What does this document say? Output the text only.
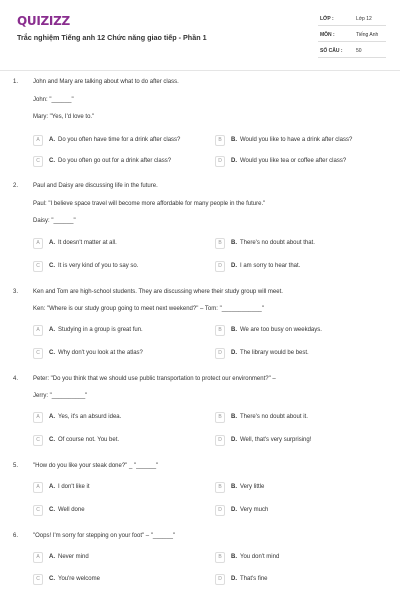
QUIZIZZ
Trắc nghiệm Tiếng anh 12 Chức năng giao tiếp - Phần 1
LỚP :	Lớp 12
MÔN :	Tiếng Anh
SỐ CÂU :	50
1. John and Mary are talking about what to do after class.
John: "______"
Mary: "Yes, I'd love to."
A	A. Do you often have time for a drink after class?	B	B. Would you like to have a drink after class?
C	C. Do you often go out for a drink after class?	D	D. Would you like tea or coffee after class?
2. Paul and Daisy are discussing life in the future.
Paul: "I believe space travel will become more affordable for many people in the future."
Daisy: "______"
A	A. It doesn't matter at all.	B	B. There's no doubt about that.
C	C. It is very kind of you to say so.	D	D. I am sorry to hear that.
3. Ken and Tom are high-school students. They are discussing where their study group will meet.
Ken: "Where is our study group going to meet next weekend?" – Tom: "____________"
A	A. Studying in a group is great fun.	B	B. We are too busy on weekdays.
C	C. Why don't you look at the atlas?	D	D. The library would be best.
4. Peter: "Do you think that we should use public transportation to protect our environment?" –
Jerry: "__________"
A	A. Yes, it's an absurd idea.	B	B. There's no doubt about it.
C	C. Of course not. You bet.	D	D. Well, that's very surprising!
5. "How do you like your steak done?" _ "______"
A	A. I don't like it	B	B. Very little
C	C. Well done	D	D. Very much
6. "Oops! I'm sorry for stepping on your foot" – "______"
A	A. Never mind	B	B. You don't mind
C	C. You're welcome	D	D. That's fine
